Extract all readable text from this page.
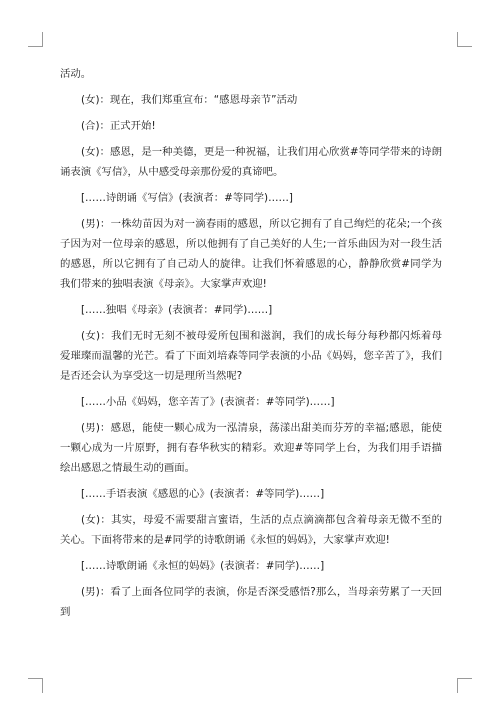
活动。

(女)：现在，我们郑重宣布：“感恩母亲节”活动

(合)：正式开始!

(女)：感恩，是一种美德，更是一种祝福，让我们用心欣赏#等同学带来的诗朗诵表演《写信》，从中感受母亲那份爱的真谛吧。

[……诗朗诵《写信》(表演者：#等同学)……]

(男)：一株幼苗因为对一滴春雨的感恩，所以它拥有了自己绚烂的花朵;一个孩子因为对一位母亲的感恩，所以他拥有了自己美好的人生;一首乐曲因为对一段生活的感恩，所以它拥有了自己动人的旋律。让我们怀着感恩的心，静静欣赏#同学为我们带来的独唱表演《母亲》。大家掌声欢迎!

[……独唱《母亲》(表演者：#同学)……]

(女)：我们无时无刻不被母爱所包围和滋润，我们的成长每分每秒都闪烁着母爱璀璨而温馨的光芒。看了下面刘培森等同学表演的小品《妈妈，您辛苦了》，我们是否还会认为享受这一切是理所当然呢?

[……小品《妈妈，您辛苦了》(表演者：#等同学)……]

(男)：感恩，能使一颗心成为一泓清泉，荡漾出甜美而芬芳的幸福;感恩，能使一颗心成为一片原野，拥有春华秋实的精彩。欢迎#等同学上台，为我们用手语描绘出感恩之情最生动的画面。

[……手语表演《感恩的心》(表演者：#等同学)……]

(女)：其实，母爱不需要甜言蜜语，生活的点点滴滴都包含着母亲无微不至的关心。下面将带来的是#同学的诗歌朗诵《永恒的妈妈》，大家掌声欢迎!

[……诗歌朗诵《永恒的妈妈》(表演者：#同学)……]

(男)：看了上面各位同学的表演，你是否深受感悟?那么，当母亲劳累了一天回到
